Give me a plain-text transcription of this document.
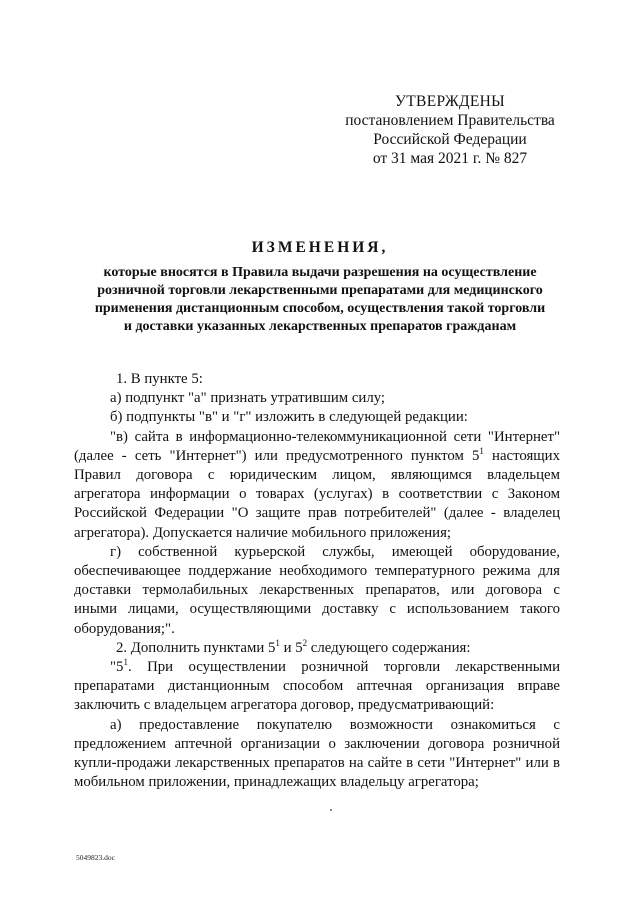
УТВЕРЖДЕНЫ
постановлением Правительства
Российской Федерации
от 31 мая 2021 г. № 827
ИЗМЕНЕНИЯ,
которые вносятся в Правила выдачи разрешения на осуществление
розничной торговли лекарственными препаратами для медицинского
применения дистанционным способом, осуществления такой торговли
и доставки указанных лекарственных препаратов гражданам

1. В пункте 5:

а) подпункт "а" признать утратившим силу;

б) подпункты "в" и "г" изложить в следующей редакции:

"в) сайта в информационно-телекоммуникационной сети "Интернет" (далее - сеть "Интернет") или предусмотренного пунктом $5^1$ настоящих Правил договора с юридическим лицом, являющимся владельцем агрегатора информации о товарах (услугах) в соответствии с Законом Российской Федерации "О защите прав потребителей" (далее - владелец агрегатора). Допускается наличие мобильного приложения;

г) собственной курьерской службы, имеющей оборудование, обеспечивающее поддержание необходимого температурного режима для доставки термолабильных лекарственных препаратов, или договора с иными лицами, осуществляющими доставку с использованием такого оборудования;".

2. Дополнить пунктами $5^1$ и $5^2$ следующего содержания:

"$5^1$. При осуществлении розничной торговли лекарственными препаратами дистанционным способом аптечная организация вправе заключить с владельцем агрегатора договор, предусматривающий:

а) предоставление покупателю возможности ознакомиться с предложением аптечной организации о заключении договора розничной купли-продажи лекарственных препаратов на сайте в сети "Интернет" или в мобильном приложении, принадлежащих владельцу агрегатора;

5049823.doc
